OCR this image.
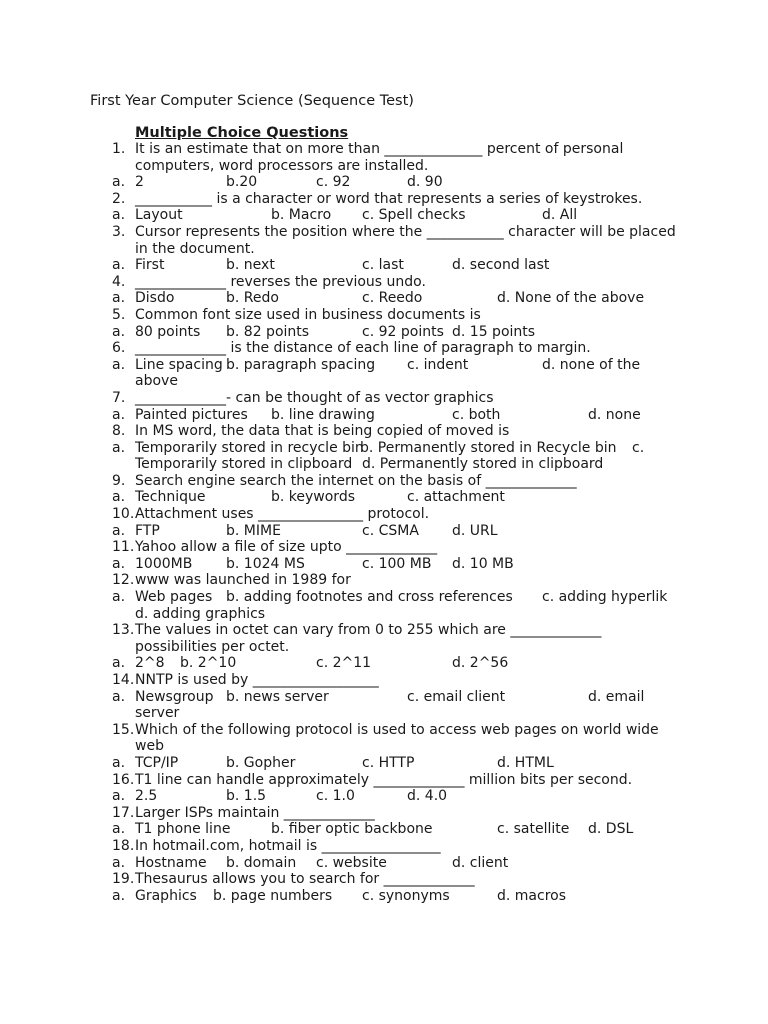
First Year Computer Science (Sequence Test)
Multiple Choice Questions
1. It is an estimate that on more than ______________ percent of personal
computers, word processors are installed.
a. 2	b.20	c. 92	d. 90
2. ___________ is a character or word that represents a series of keystrokes.
a. Layout	b. Macro c. Spell checks	d. All
3. Cursor represents the position where the ___________ character will be placed
in the document.
a. First	b. next	c. last	d. second last
4. _____________ reverses the previous undo.
a. Disdo	b. Redo	c. Reedo	d. None of the above
5. Common font size used in business documents is
a. 80 points b. 82 points	c. 92 points d. 15 points
6. _____________ is the distance of each line of paragraph to margin.
a. Line spacing b. paragraph spacing c. indent	d. none of the
above
7. _____________- can be thought of as vector graphics
a. Painted pictures b. line drawing	c. both	d. none
8. In MS word, the data that is being copied of moved is
a. Temporarily stored in recycle bin
b. Permanently stored in Recycle bin c.
Temporarily stored in clipboard d. Permanently stored in clipboard
9. Search engine search the internet on the basis of _____________
a. Technique	b. keywords	c. attachment
10. Attachment uses _______________ protocol.
a. FTP	b. MIME	c. CSMA d. URL
11. Yahoo allow a file of size upto _____________
a. 1000MB b. 1024 MS	c. 100 MB d. 10 MB
12. www was launched in 1989 for
a. Web pages b. adding footnotes and cross references c. adding hyperlik
d. adding graphics
13. The values in octet can vary from 0 to 255 which are _____________
possibilities per octet.
a. 2^8 b. 2^10	c. 2^11	d. 2^56
14. NNTP is used by __________________
a. Newsgroup b. news server	c. email client	d. email
server
15. Which of the following protocol is used to access web pages on world wide
web
a. TCP/IP	b. Gopher	c. HTTP	d. HTML
16. T1 line can handle approximately _____________ million bits per second.
a. 2.5	b. 1.5	c. 1.0	d. 4.0
17. Larger ISPs maintain _____________
a. T1 phone line	b. fiber optic backbone	c. satellite d. DSL
18. In hotmail.com, hotmail is _________________
a. Hostname b. domain c. website	d. client
19. Thesaurus allows you to search for _____________
a. Graphics b. page numbers c. synonyms	d. macros
